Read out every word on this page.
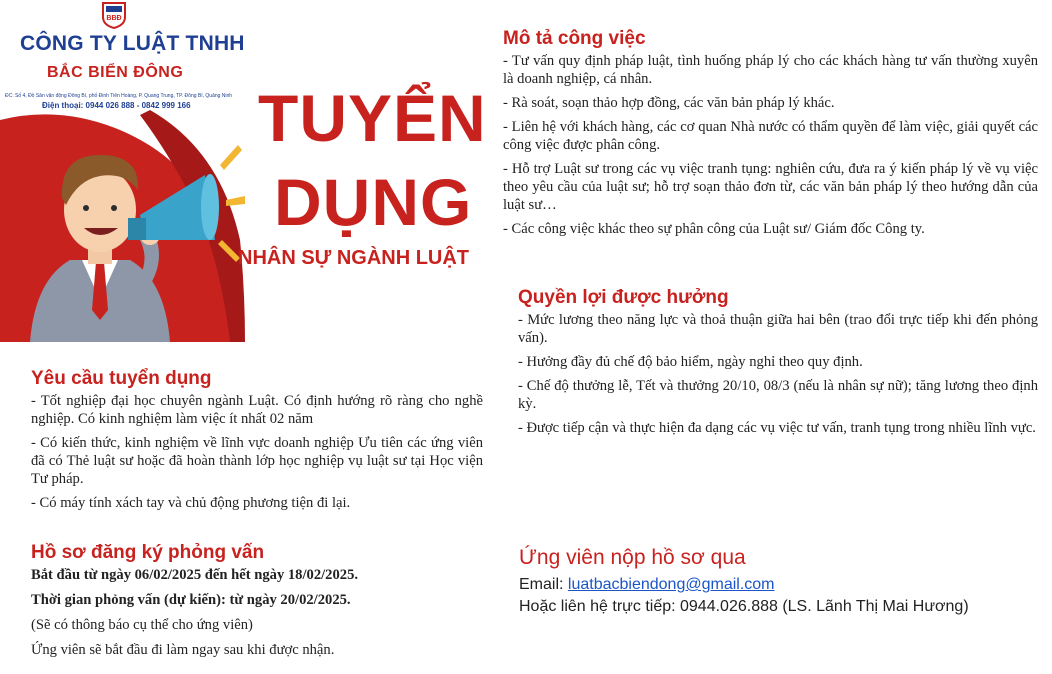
BBĐ
CÔNG TY LUẬT TNHH
BẮC BIỂN ĐÔNG
ĐC: Số 4, Đồ Sân vận động Đông Bí, phố Đinh Tiên Hoàng, P. Quang Trung, TP. Đông Bí, Quảng Ninh
Điện thoại: 0944 026 888 - 0842 999 166 TUYỂN
DỤNG
NHÂN SỰ NGÀNH LUẬT
Mô tả công việc

- Tư vấn quy định pháp luật, tình huống pháp lý cho các khách hàng tư vấn thường xuyên là doanh nghiệp, cá nhân.

- Rà soát, soạn thảo hợp đồng, các văn bản pháp lý khác.

- Liên hệ với khách hàng, các cơ quan Nhà nước có thẩm quyền để làm việc, giải quyết các công việc được phân công.

- Hỗ trợ Luật sư trong các vụ việc tranh tụng: nghiên cứu, đưa ra ý kiến pháp lý về vụ việc theo yêu cầu của luật sư; hỗ trợ soạn thảo đơn từ, các văn bản pháp lý theo hướng dẫn của luật sư…

- Các công việc khác theo sự phân công của Luật sư/ Giám đốc Công ty.

Quyền lợi được hưởng

- Mức lương theo năng lực và thoả thuận giữa hai bên (trao đổi trực tiếp khi đến phỏng vấn).

- Hưởng đầy đủ chế độ bảo hiểm, ngày nghỉ theo quy định.

- Chế độ thưởng lễ, Tết và thưởng 20/10, 08/3 (nếu là nhân sự nữ); tăng lương theo định kỳ.

- Được tiếp cận và thực hiện đa dạng các vụ việc tư vấn, tranh tụng trong nhiều lĩnh vực.

Yêu cầu tuyển dụng

- Tốt nghiệp đại học chuyên ngành Luật. Có định hướng rõ ràng cho nghề nghiệp. Có kinh nghiệm làm việc ít nhất 02 năm

- Có kiến thức, kinh nghiệm về lĩnh vực doanh nghiệp Ưu tiên các ứng viên đã có Thẻ luật sư hoặc đã hoàn thành lớp học nghiệp vụ luật sư tại Học viện Tư pháp.

- Có máy tính xách tay và chủ động phương tiện đi lại.

Hồ sơ đăng ký phỏng vấn

Bắt đầu từ ngày 06/02/2025 đến hết ngày 18/02/2025.

Thời gian phỏng vấn (dự kiến): từ ngày 20/02/2025.

(Sẽ có thông báo cụ thể cho ứng viên)

Ứng viên sẽ bắt đầu đi làm ngay sau khi được nhận.

Ứng viên nộp hồ sơ qua
Email: luatbacbiendong@gmail.com
Hoặc liên hệ trực tiếp: 0944.026.888 (LS. Lãnh Thị Mai Hương)
